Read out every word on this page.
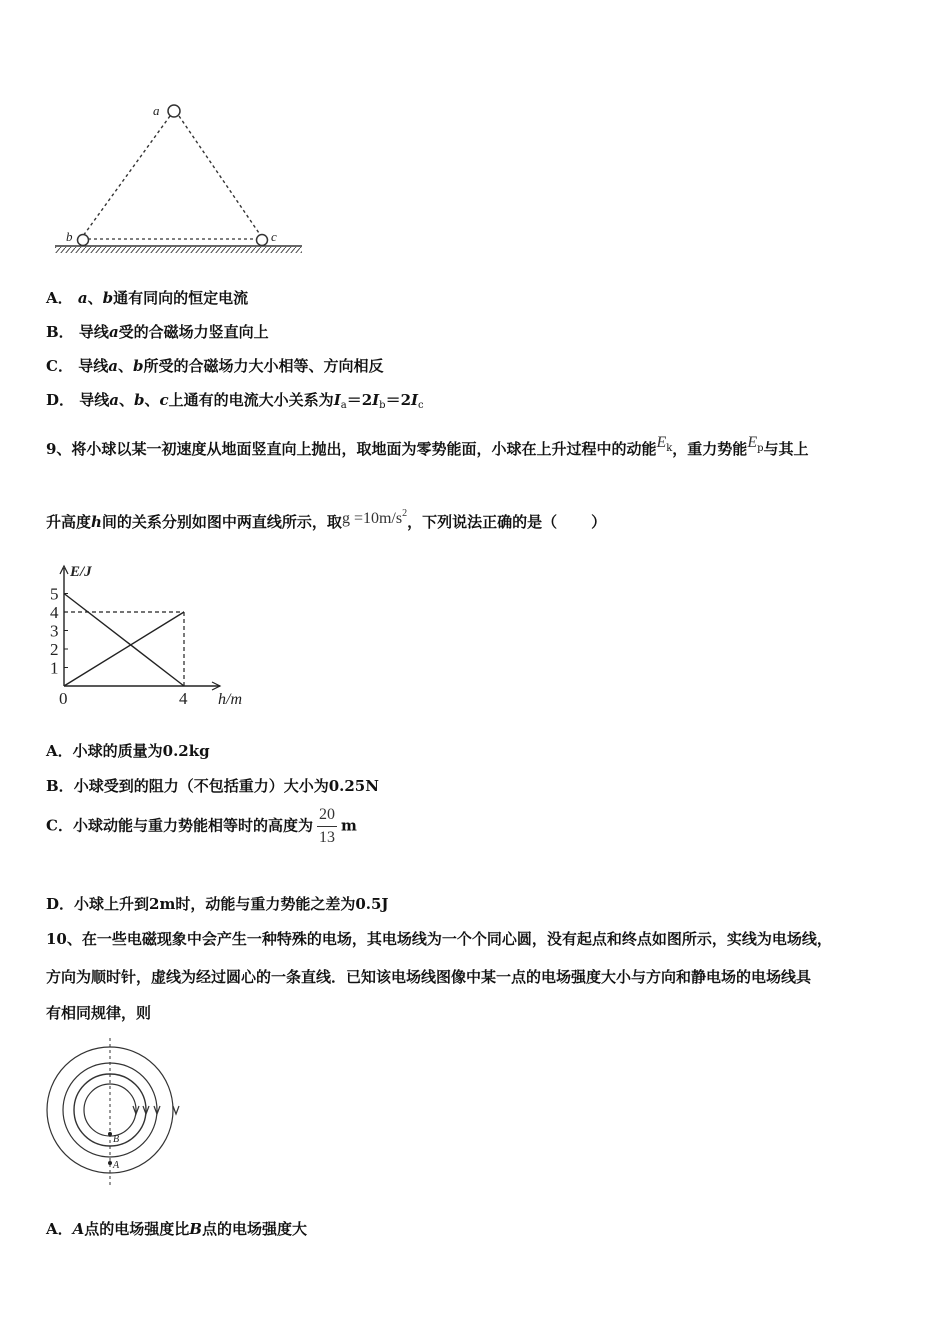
a
b	c
A． a、b通有同向的恒定电流
B． 导线a受的合磁场力竖直向上
C． 导线a、b所受的合磁场力大小相等、方向相反
D． 导线a、b、c上通有的电流大小关系为$I_a=2I_b=2I_c$
9、将小球以某一初速度从地面竖直向上抛出，取地面为零势能面，小球在上升过程中的动能$E^k$，重力势能$E^p$与其上
升高度h间的关系分别如图中两直线所示，取$g =10m/s^2$，下列说法正确的是（ ）
5
4
3
2
1
0	4
E/J
h/m
A．小球的质量为0.2kg
B．小球受到的阻力（不包括重力）大小为0.25N
C．小球动能与重力势能相等时的高度为 $\frac{20}{13}$ m
D．小球上升到2m时，动能与重力势能之差为0.5J
10、在一些电磁现象中会产生一种特殊的电场，其电场线为一个个同心圆，没有起点和终点如图所示，实线为电场线，
方向为顺时针，虚线为经过圆心的一条直线．已知该电场线图像中某一点的电场强度大小与方向和静电场的电场线具
有相同规律，则
B
A
A．A点的电场强度比B点的电场强度大
